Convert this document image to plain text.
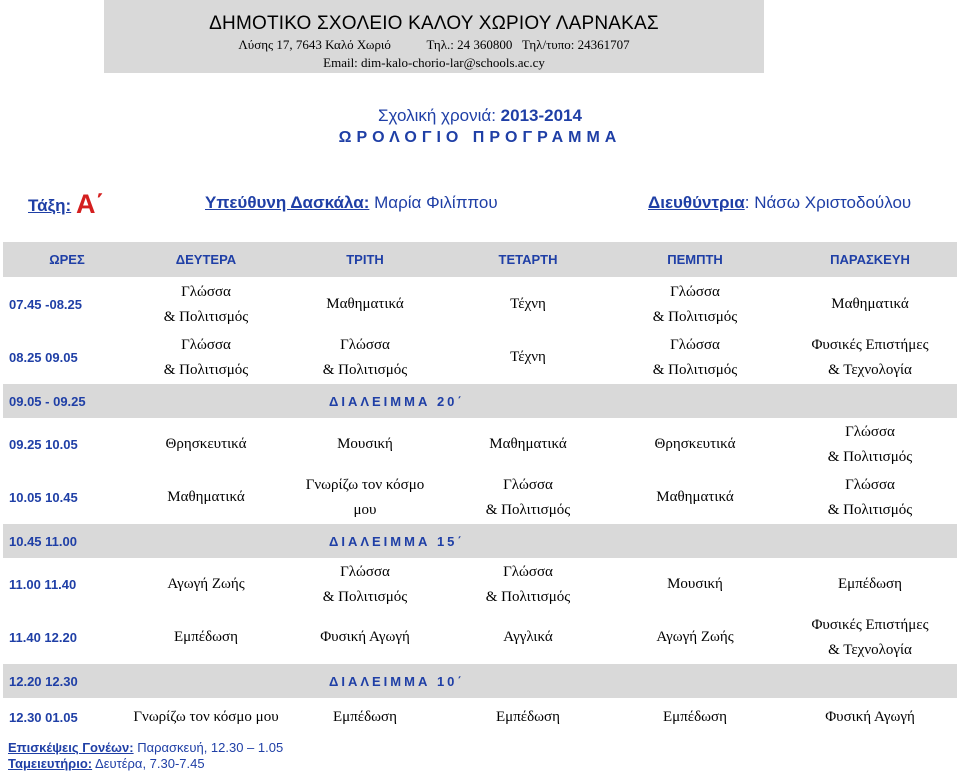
ΔΗΜΟΤΙΚΟ ΣΧΟΛΕΙΟ ΚΑΛΟΥ ΧΩΡΙΟΥ ΛΑΡΝΑΚΑΣ
Λύσης 17, 7643 Καλό Χωριό	Τηλ.: 24 360800 Τηλ/τυπο: 24361707
Email: dim-kalo-chorio-lar@schools.ac.cy
Σχολική χρονιά: 2013-2014
ΩΡΟΛΟΓΙΟ ΠΡΟΓΡΑΜΜΑ
Τάξη: Α΄	Υπεύθυνη Δασκάλα: Μαρία Φιλίππου	Διευθύντρια: Νάσω Χριστοδούλου
ΩΡΕΣ	ΔΕΥΤΕΡΑ	ΤΡΙΤΗ	ΤΕΤΑΡΤΗ	ΠΕΜΠΤΗ	ΠΑΡΑΣΚΕΥΗ
07.45 -08.25	Γλώσσα
& Πολιτισμός	Μαθηματικά	Τέχνη	Γλώσσα
& Πολιτισμός	Μαθηματικά
08.25 09.05	Γλώσσα
& Πολιτισμός	Γλώσσα
& Πολιτισμός	Τέχνη	Γλώσσα
& Πολιτισμός	Φυσικές Επιστήμες
& Τεχνολογία
09.05 - 09.25	ΔΙΑΛΕΙΜΜΑ 20΄				
09.25 10.05	Θρησκευτικά	Μουσική	Μαθηματικά	Θρησκευτικά	Γλώσσα
& Πολιτισμός
10.05 10.45	Μαθηματικά	Γνωρίζω τον κόσμο
μου	Γλώσσα
& Πολιτισμός	Μαθηματικά	Γλώσσα
& Πολιτισμός
10.45 11.00	ΔΙΑΛΕΙΜΜΑ 15΄				
11.00 11.40	Αγωγή Ζωής	Γλώσσα
& Πολιτισμός	Γλώσσα
& Πολιτισμός	Μουσική	Εμπέδωση
11.40 12.20	Εμπέδωση	Φυσική Αγωγή	Αγγλικά	Αγωγή Ζωής	Φυσικές Επιστήμες
& Τεχνολογία
12.20 12.30	ΔΙΑΛΕΙΜΜΑ 10΄				
12.30 01.05	Γνωρίζω τον κόσμο μου	Εμπέδωση	Εμπέδωση	Εμπέδωση	Φυσική Αγωγή
Επισκέψεις Γονέων: Παρασκευή, 12.30 – 1.05
Ταμειευτήριο: Δευτέρα, 7.30-7.45
